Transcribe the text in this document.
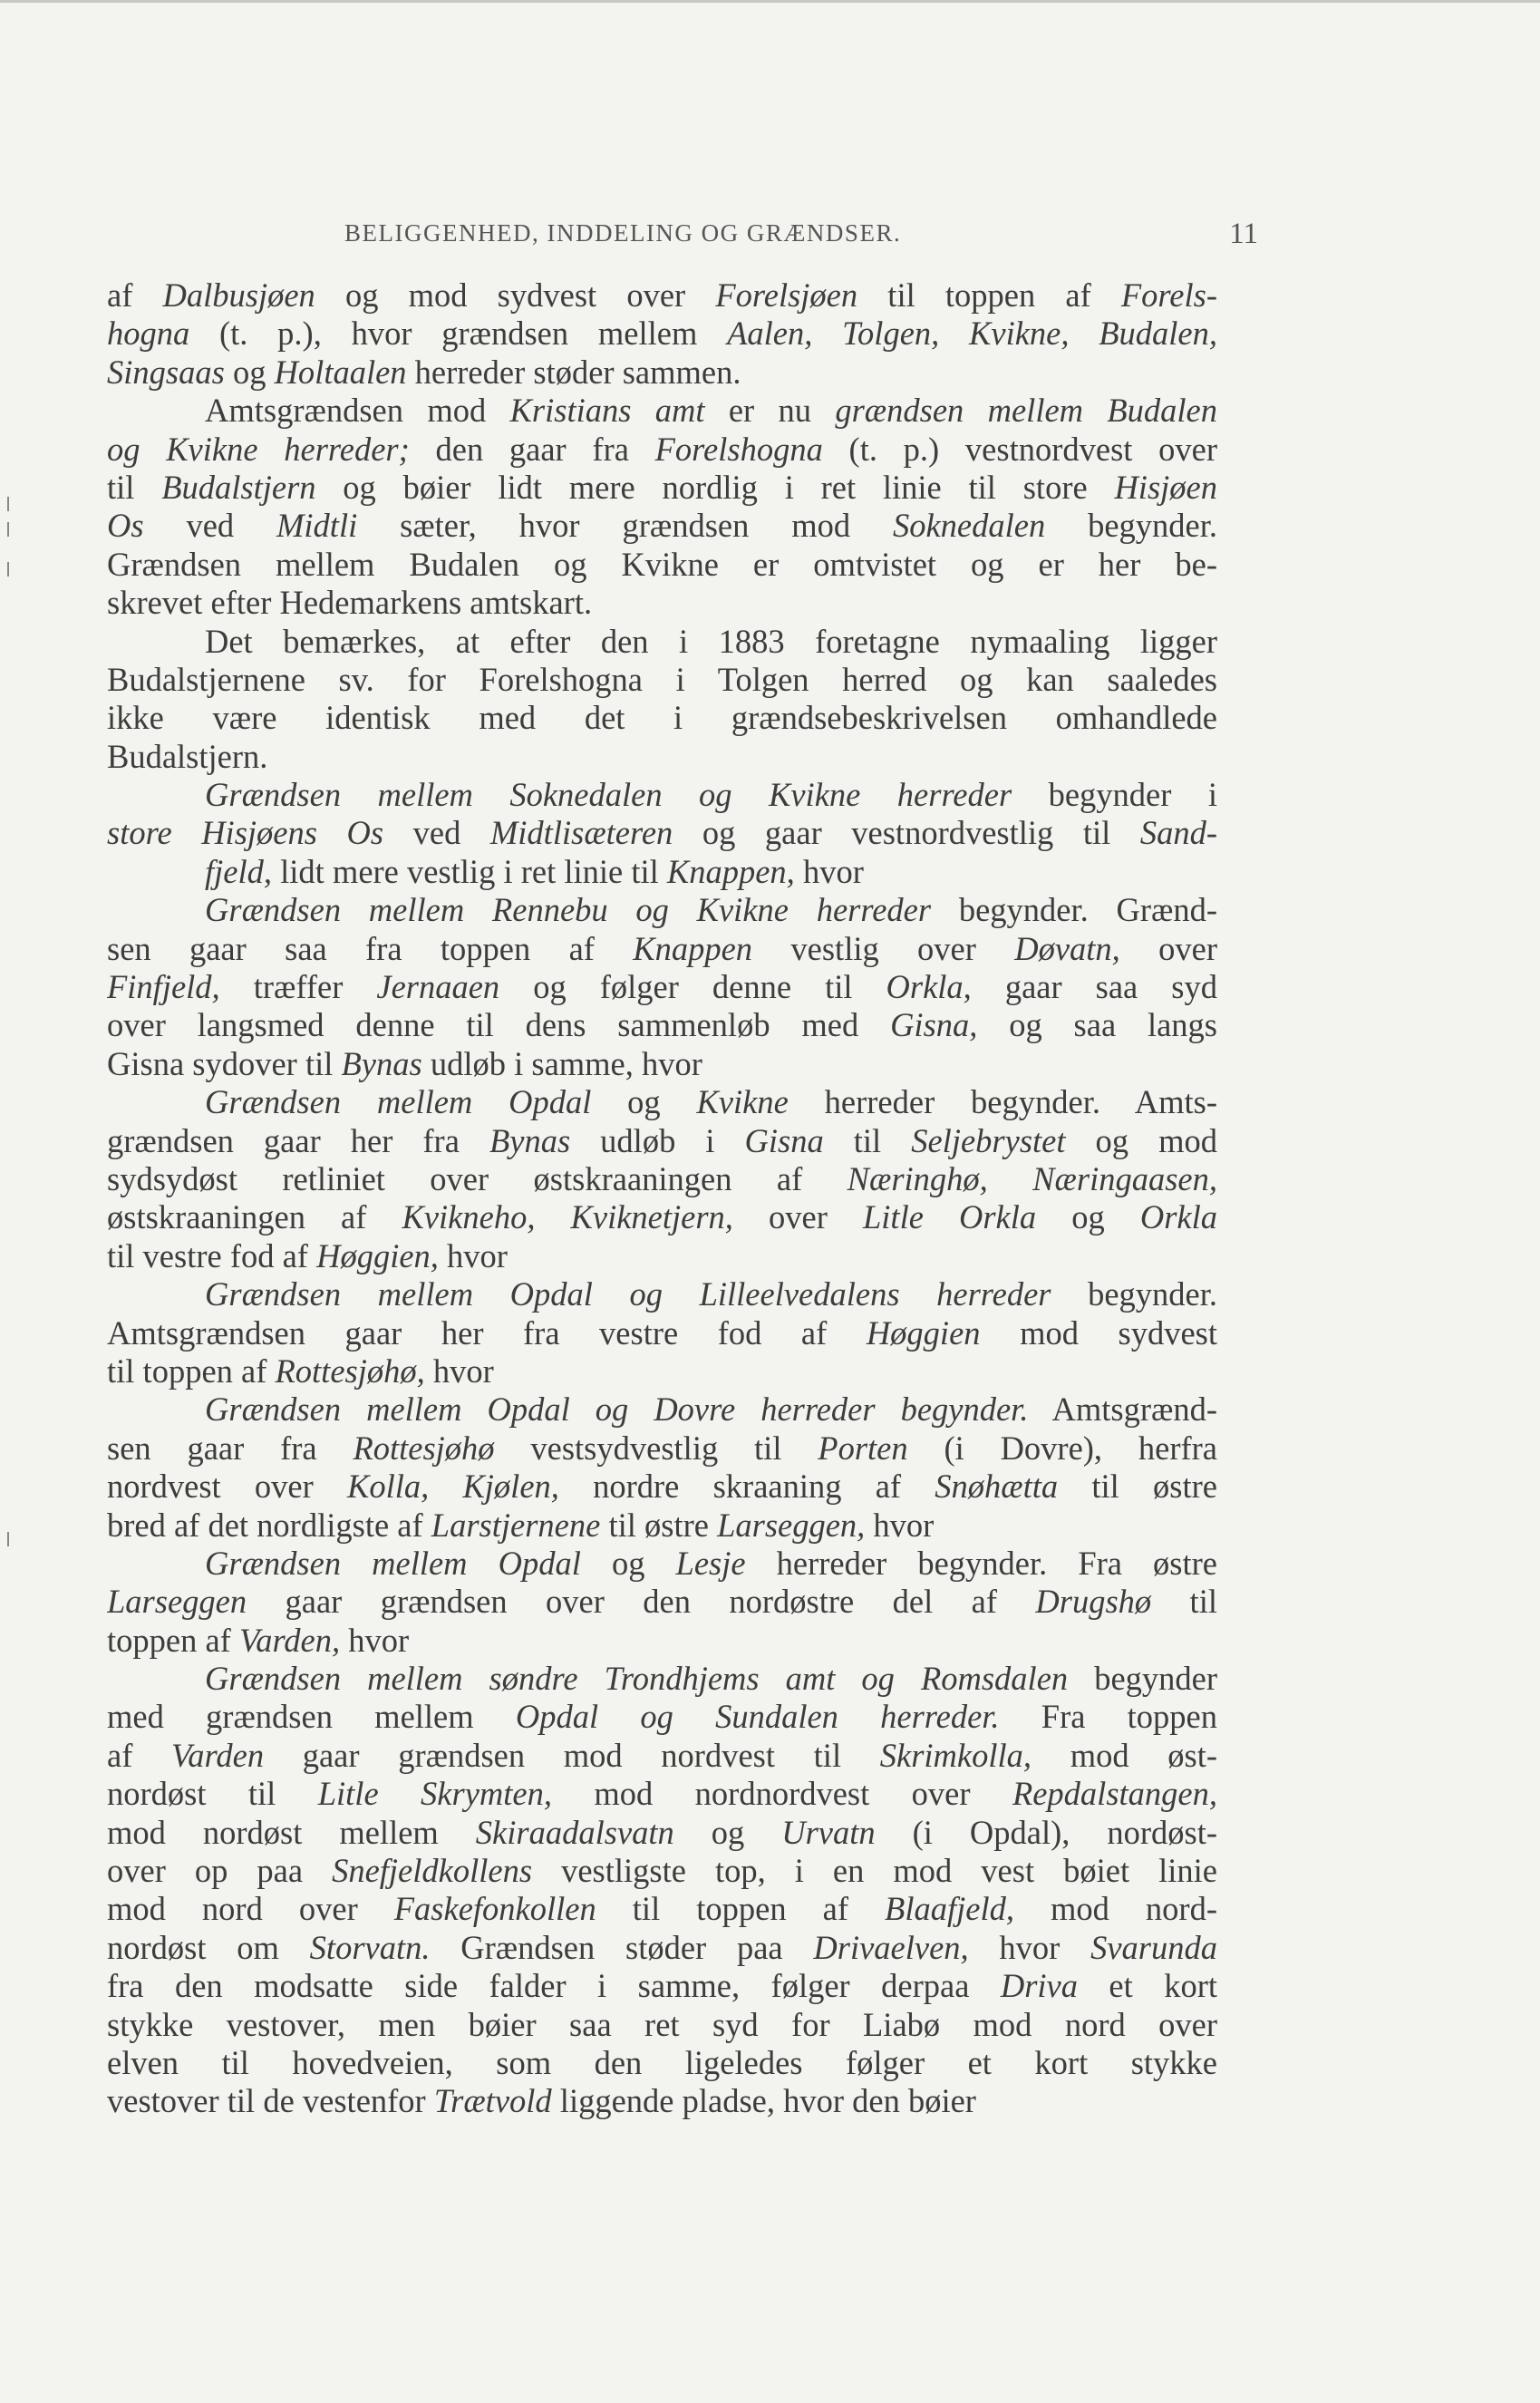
BELIGGENHED, INDDELING OG GRÆNDSER.	11
af Dalbusjøen og mod sydvest over Forelsjøen til toppen af Forels-
hogna (t. p.), hvor grændsen mellem Aalen, Tolgen, Kvikne, Budalen,
Singsaas og Holtaalen herreder støder sammen.
Amtsgrændsen mod Kristians amt er nu grændsen mellem Budalen
og Kvikne herreder; den gaar fra Forelshogna (t. p.) vestnordvest over
til Budalstjern og bøier lidt mere nordlig i ret linie til store Hisjøen
Os ved Midtli sæter, hvor grændsen mod Soknedalen begynder.
Grændsen mellem Budalen og Kvikne er omtvistet og er her be-
skrevet efter Hedemarkens amtskart.
Det bemærkes, at efter den i 1883 foretagne nymaaling ligger
Budalstjernene sv. for Forelshogna i Tolgen herred og kan saaledes
ikke være identisk med det i grændsebeskrivelsen omhandlede
Budalstjern.
Grændsen mellem Soknedalen og Kvikne herreder begynder i
store Hisjøens Os ved Midtlisæteren og gaar vestnordvestlig til Sand-
fjeld, lidt mere vestlig i ret linie til Knappen, hvor
Grændsen mellem Rennebu og Kvikne herreder begynder. Grænd-
sen gaar saa fra toppen af Knappen vestlig over Døvatn, over
Finfjeld, træffer Jernaaen og følger denne til Orkla, gaar saa syd
over langsmed denne til dens sammenløb med Gisna, og saa langs
Gisna sydover til Bynas udløb i samme, hvor
Grændsen mellem Opdal og Kvikne herreder begynder. Amts-
grændsen gaar her fra Bynas udløb i Gisna til Seljebrystet og mod
sydsydøst retliniet over østskraaningen af Næringhø, Næringaasen,
østskraaningen af Kvikneho, Kviknetjern, over Litle Orkla og Orkla
til vestre fod af Høggien, hvor
Grændsen mellem Opdal og Lilleelvedalens herreder begynder.
Amtsgrændsen gaar her fra vestre fod af Høggien mod sydvest
til toppen af Rottesjøhø, hvor
Grændsen mellem Opdal og Dovre herreder begynder. Amtsgrænd-
sen gaar fra Rottesjøhø vestsydvestlig til Porten (i Dovre), herfra
nordvest over Kolla, Kjølen, nordre skraaning af Snøhætta til østre
bred af det nordligste af Larstjernene til østre Larseggen, hvor
Grændsen mellem Opdal og Lesje herreder begynder. Fra østre
Larseggen gaar grændsen over den nordøstre del af Drugshø til
toppen af Varden, hvor
Grændsen mellem søndre Trondhjems amt og Romsdalen begynder
med grændsen mellem Opdal og Sundalen herreder. Fra toppen
af Varden gaar grændsen mod nordvest til Skrimkolla, mod øst-
nordøst til Litle Skrymten, mod nordnordvest over Repdalstangen,
mod nordøst mellem Skiraadalsvatn og Urvatn (i Opdal), nordøst-
over op paa Snefjeldkollens vestligste top, i en mod vest bøiet linie
mod nord over Faskefonkollen til toppen af Blaafjeld, mod nord-
nordøst om Storvatn. Grændsen støder paa Drivaelven, hvor Svarunda
fra den modsatte side falder i samme, følger derpaa Driva et kort
stykke vestover, men bøier saa ret syd for Liabø mod nord over
elven til hovedveien, som den ligeledes følger et kort stykke
vestover til de vestenfor Trætvold liggende pladse, hvor den bøier
